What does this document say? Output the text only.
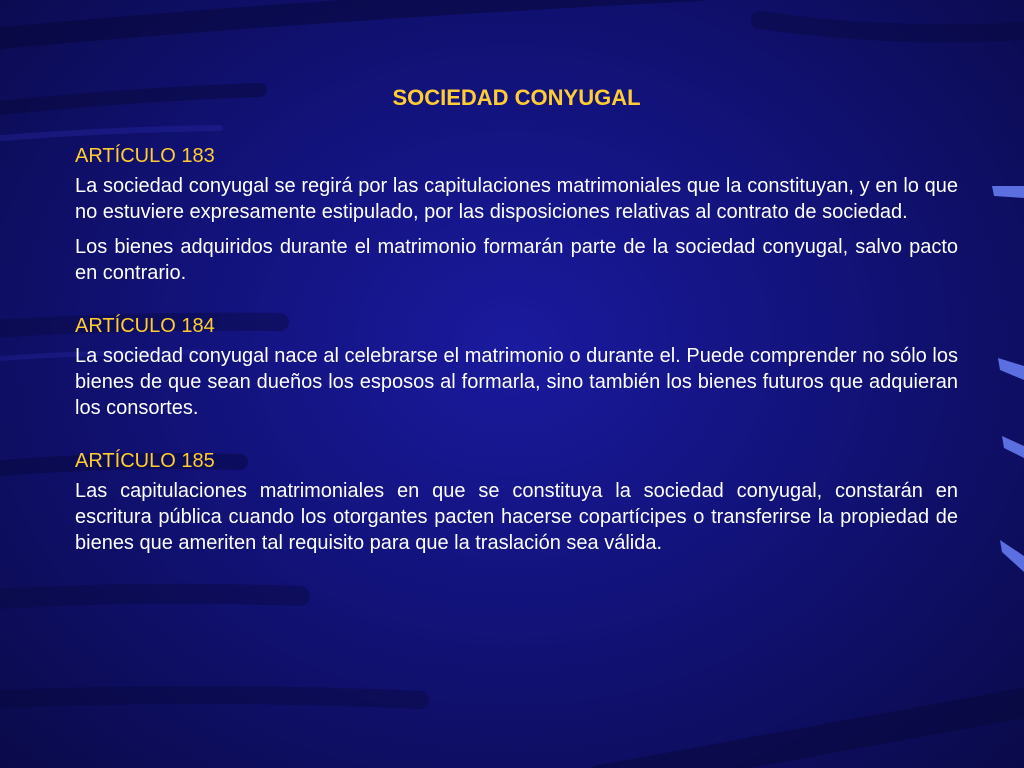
SOCIEDAD CONYUGAL
ARTÍCULO 183

La sociedad conyugal se regirá por las capitulaciones matrimoniales que la constituyan, y en lo que no estuviere expresamente estipulado, por las disposiciones relativas al contrato de sociedad.

Los bienes adquiridos durante el matrimonio formarán parte de la sociedad conyugal, salvo pacto en contrario.

ARTÍCULO 184

La sociedad conyugal nace al celebrarse el matrimonio o durante el. Puede comprender no sólo los bienes de que sean dueños los esposos al formarla, sino también los bienes futuros que adquieran los consortes.

ARTÍCULO 185

Las capitulaciones matrimoniales en que se constituya la sociedad conyugal, constarán en escritura pública cuando los otorgantes pacten hacerse copartícipes o transferirse la propiedad de bienes que ameriten tal requisito para que la traslación sea válida.
